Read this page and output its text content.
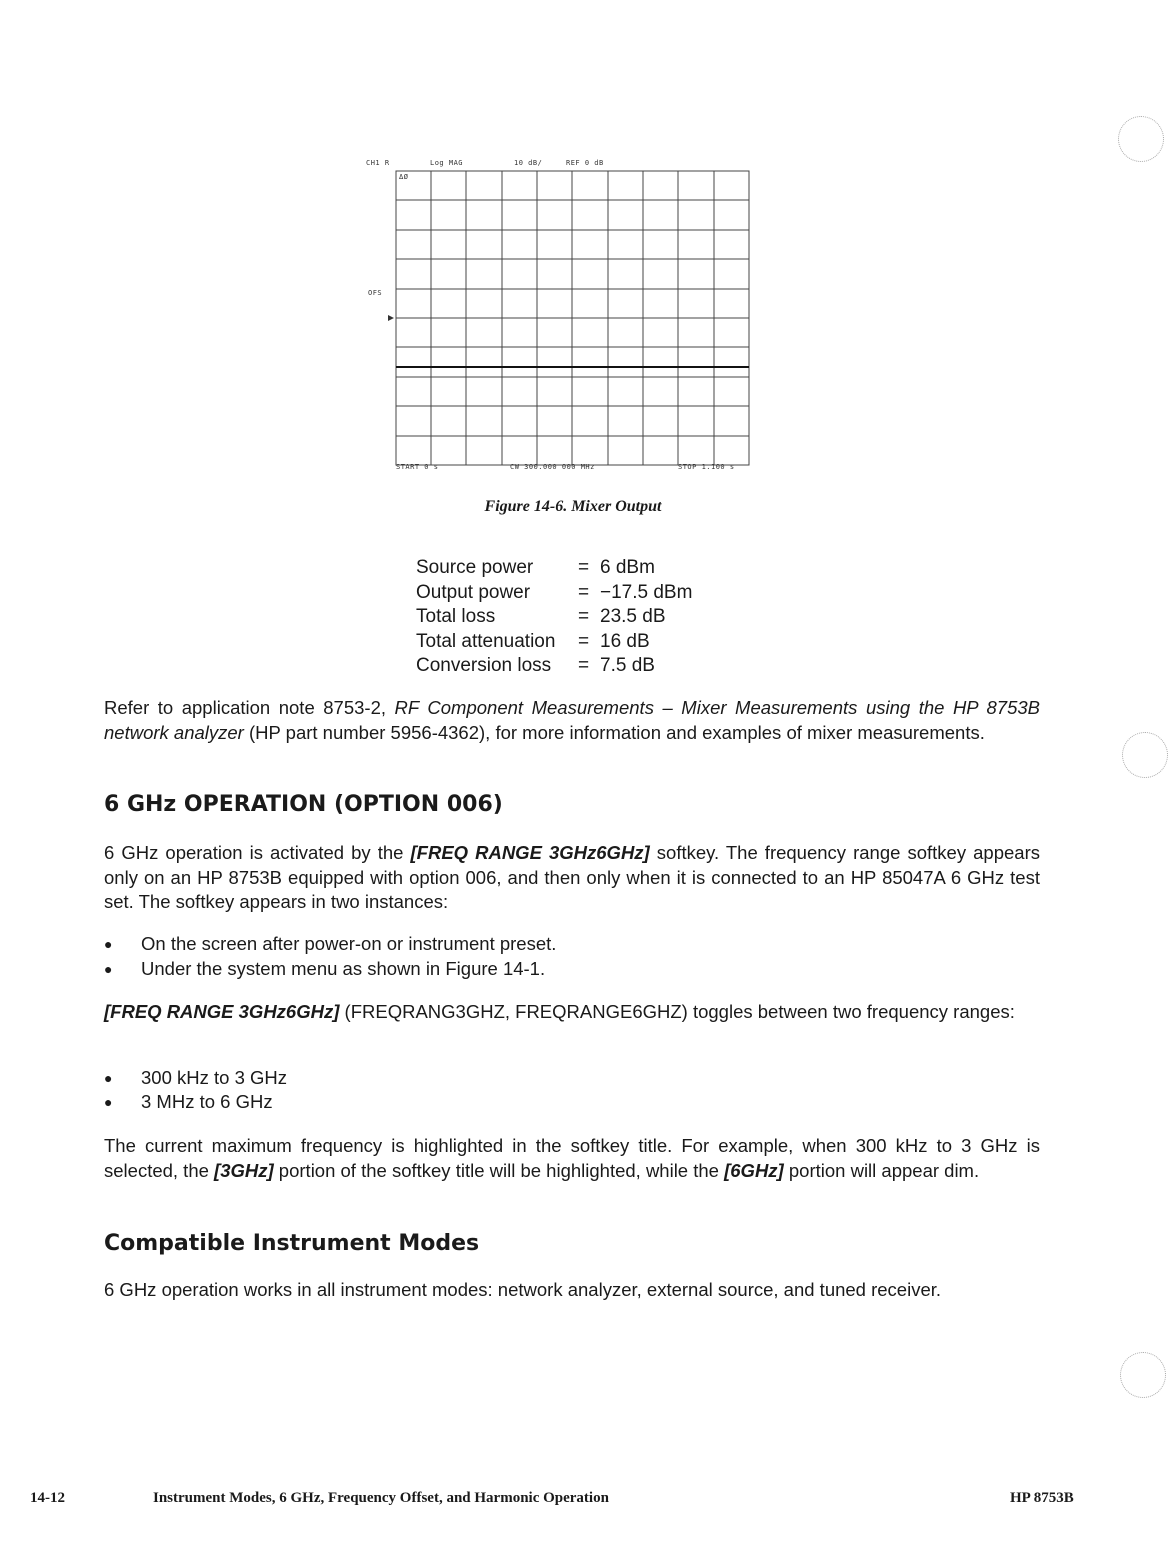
CH1 R	Log MAG	10 dB/	REF 0 dB
ΔØ
OFS
START 0 s	CW 300.000 000 MHz	STOP 1.100 s
Figure 14-6. Mixer Output
Source power	= 6 dBm
Output power	= −17.5 dBm
Total loss	= 23.5 dB
Total attenuation	= 16 dB
Conversion loss	= 7.5 dB

Refer to application note 8753-2, RF Component Measurements – Mixer Measurements using the HP 8753B network analyzer (HP part number 5956-4362), for more information and examples of mixer measurements.

6 GHz OPERATION (OPTION 006)

6 GHz operation is activated by the [FREQ RANGE 3GHz6GHz] softkey. The frequency range softkey appears only on an HP 8753B equipped with option 006, and then only when it is connected to an HP 85047A 6 GHz test set. The softkey appears in two instances:

●	On the screen after power-on or instrument preset.
●	Under the system menu as shown in Figure 14-1.

[FREQ RANGE 3GHz6GHz] (FREQRANG3GHZ, FREQRANGE6GHZ) toggles between two frequency ranges:

●	300 kHz to 3 GHz
●	3 MHz to 6 GHz

The current maximum frequency is highlighted in the softkey title. For example, when 300 kHz to 3 GHz is selected, the [3GHz] portion of the softkey title will be highlighted, while the [6GHz] portion will appear dim.

Compatible Instrument Modes

6 GHz operation works in all instrument modes: network analyzer, external source, and tuned receiver.

14-12	Instrument Modes, 6 GHz, Frequency Offset, and Harmonic Operation	HP 8753B
